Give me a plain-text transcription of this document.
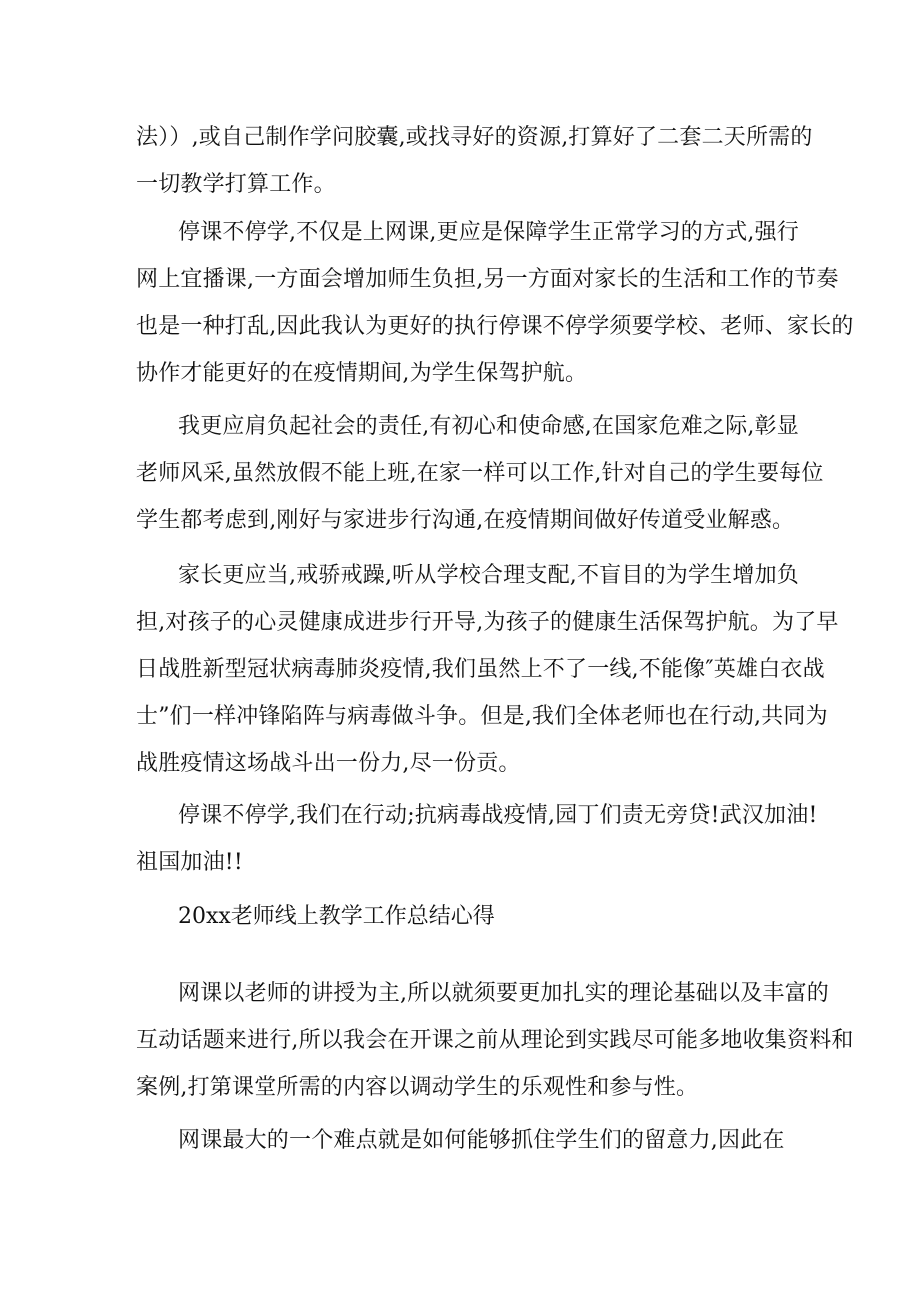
法））,或自己制作学问胶囊,或找寻好的资源,打算好了二套二天所需的
一切教学打算工作。
停课不停学,不仅是上网课,更应是保障学生正常学习的方式,强行
网上宜播课,一方面会增加师生负担,另一方面对家长的生活和工作的节奏
也是一种打乱,因此我认为更好的执行停课不停学须要学校、老师、家长的
协作才能更好的在疫情期间,为学生保驾护航。
我更应肩负起社会的责任,有初心和使命感,在国家危难之际,彰显
老师风采,虽然放假不能上班,在家一样可以工作,针对自己的学生要每位
学生都考虑到,刚好与家进步行沟通,在疫情期间做好传道受业解惑。
家长更应当,戒骄戒躁,听从学校合理支配,不盲目的为学生增加负
担,对孩子的心灵健康成进步行开导,为孩子的健康生活保驾护航。为了早
日战胜新型冠状病毒肺炎疫情,我们虽然上不了一线,不能像″英雄白衣战
士”们一样冲锋陷阵与病毒做斗争。但是,我们全体老师也在行动,共同为
战胜疫情这场战斗出一份力,尽一份贡。
停课不停学,我们在行动;抗病毒战疫情,园丁们责无旁贷!武汉加油!
祖国加油!!
20xx老师线上教学工作总结心得
网课以老师的讲授为主,所以就须要更加扎实的理论基础以及丰富的
互动话题来进行,所以我会在开课之前从理论到实践尽可能多地收集资料和
案例,打第课堂所需的内容以调动学生的乐观性和参与性。
网课最大的一个难点就是如何能够抓住学生们的留意力,因此在
